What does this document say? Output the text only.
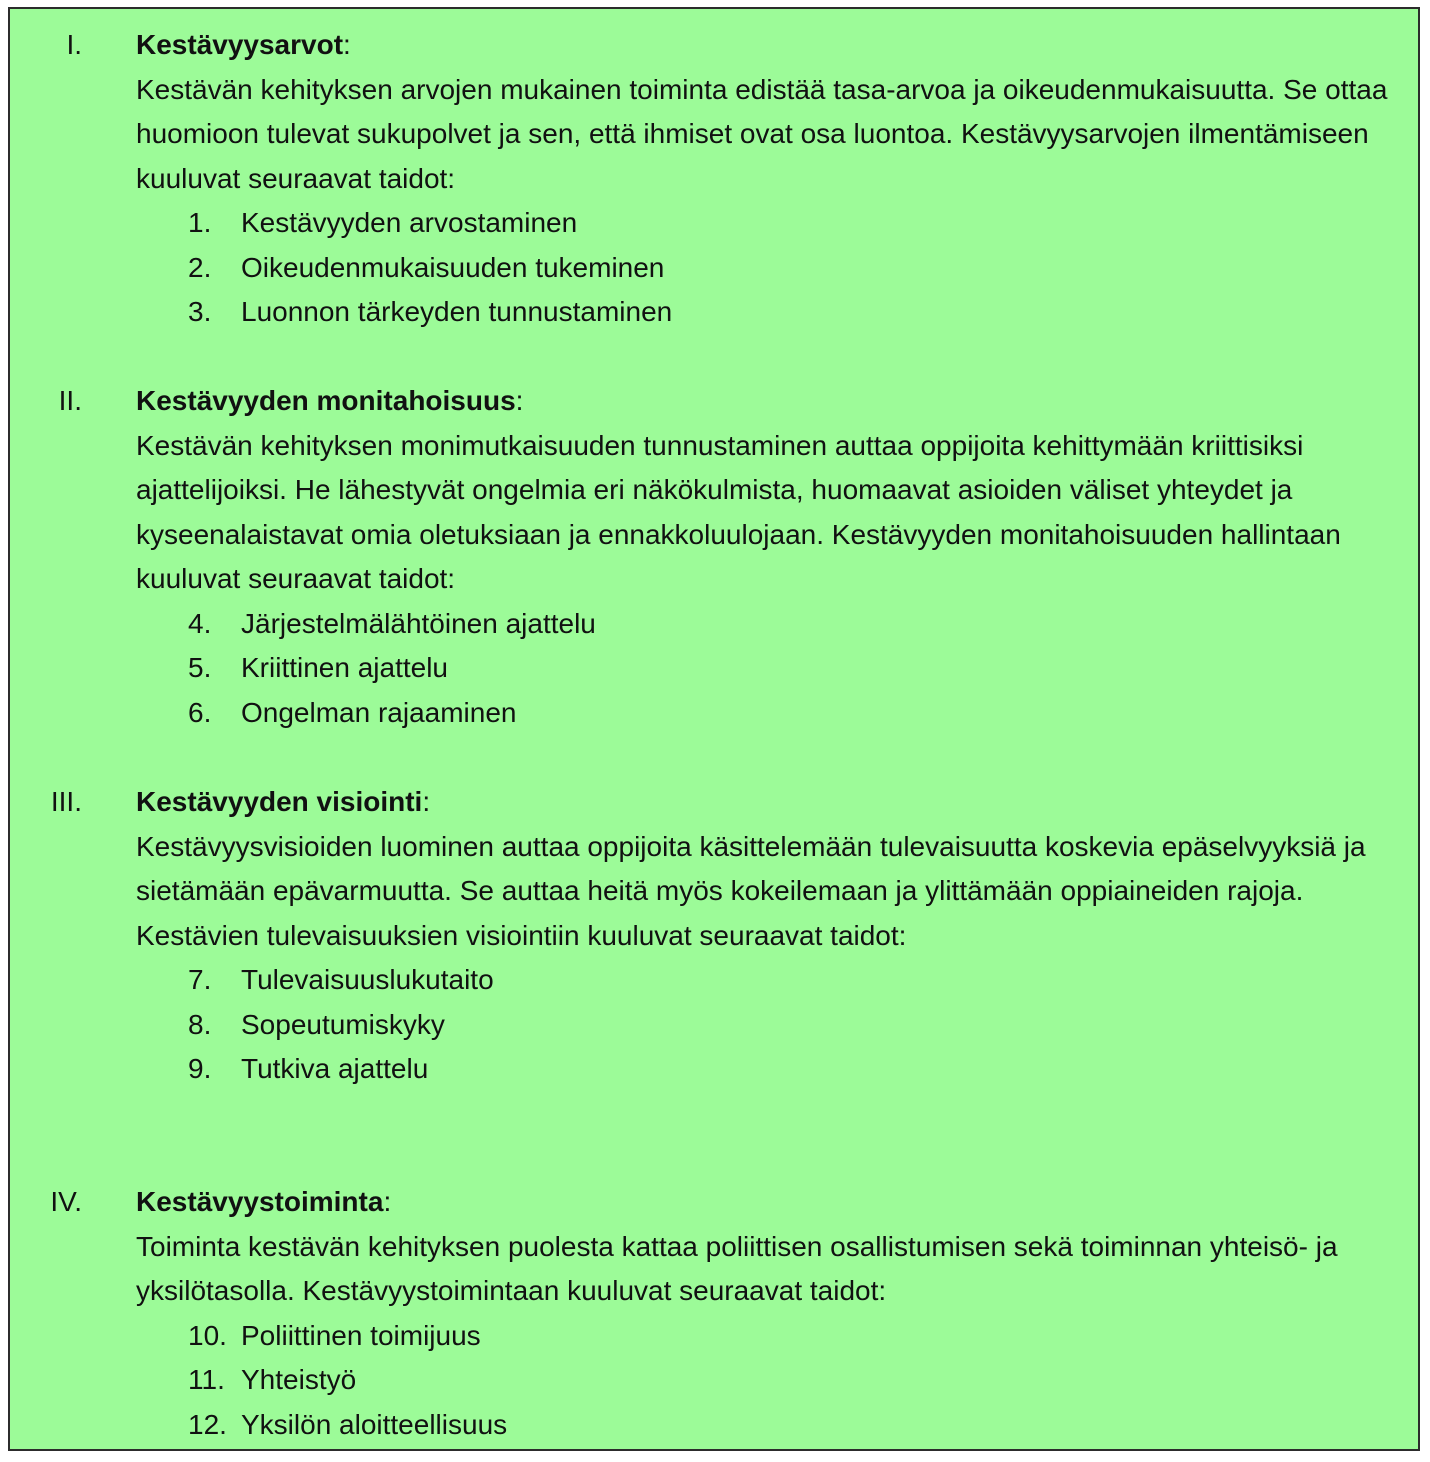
I. Kestävyysarvot:
Kestävän kehityksen arvojen mukainen toiminta edistää tasa-arvoa ja oikeudenmukaisuutta. Se ottaa huomioon tulevat sukupolvet ja sen, että ihmiset ovat osa luontoa. Kestävyysarvojen ilmentämiseen kuuluvat seuraavat taidot:
1.	Kestävyyden arvostaminen
2.	Oikeudenmukaisuuden tukeminen
3.	Luonnon tärkeyden tunnustaminen
II. Kestävyyden monitahoisuus:
Kestävän kehityksen monimutkaisuuden tunnustaminen auttaa oppijoita kehittymään kriittisiksi ajattelijoiksi. He lähestyvät ongelmia eri näkökulmista, huomaavat asioiden väliset yhteydet ja kyseenalaistavat omia oletuksiaan ja ennakkoluulojaan. Kestävyyden monitahoisuuden hallintaan kuuluvat seuraavat taidot:
4.	Järjestelmälähtöinen ajattelu
5.	Kriittinen ajattelu
6.	Ongelman rajaaminen
III. Kestävyyden visiointi:
Kestävyysvisioiden luominen auttaa oppijoita käsittelemään tulevaisuutta koskevia epäselvyyksiä ja sietämään epävarmuutta. Se auttaa heitä myös kokeilemaan ja ylittämään oppiaineiden rajoja. Kestävien tulevaisuuksien visiointiin kuuluvat seuraavat taidot:
7.	Tulevaisuuslukutaito
8.	Sopeutumiskyky
9.	Tutkiva ajattelu
IV. Kestävyystoiminta:
Toiminta kestävän kehityksen puolesta kattaa poliittisen osallistumisen sekä toiminnan yhteisö- ja yksilötasolla. Kestävyystoimintaan kuuluvat seuraavat taidot:
10. Poliittinen toimijuus
11. Yhteistyö
12. Yksilön aloitteellisuus
